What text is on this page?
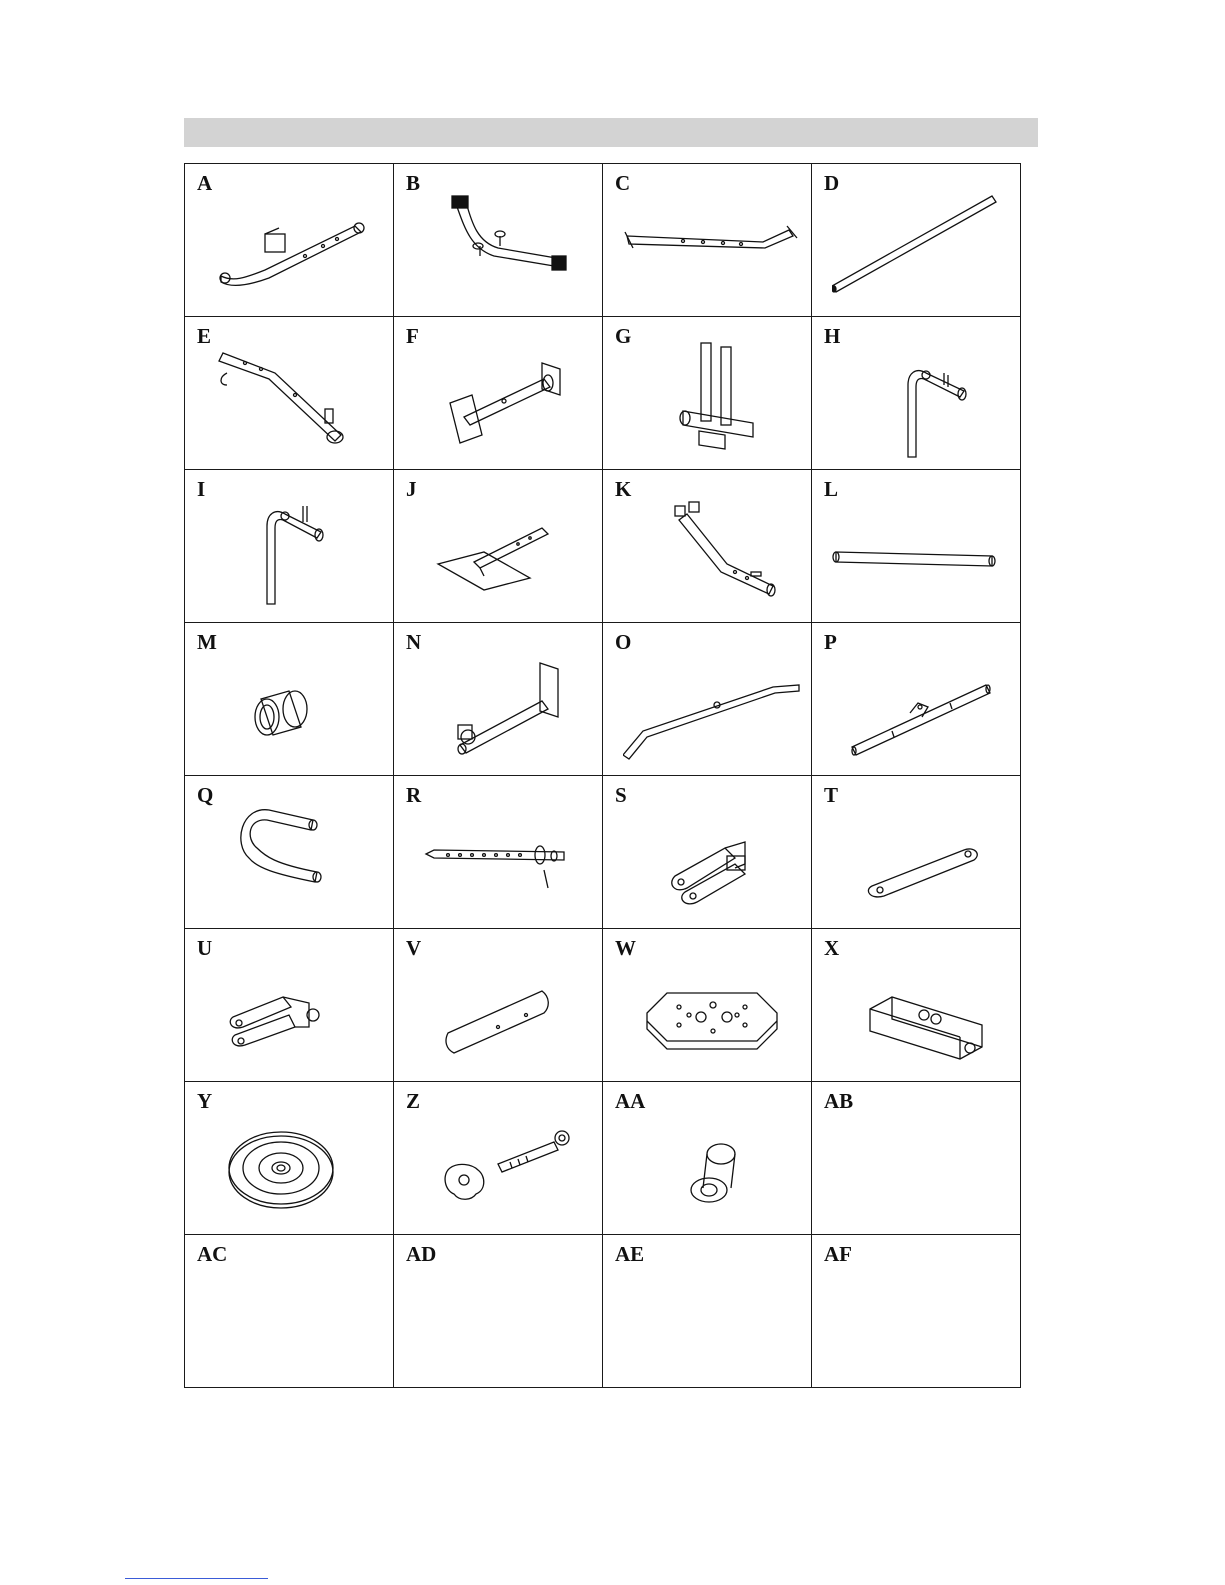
A	B	C	D

E	F	G	H

I	J	K	L

M	N	O	P

Q	R	S	T

U	V	W	X

Y	Z	AA	AB

AC	AD	AE	AF
